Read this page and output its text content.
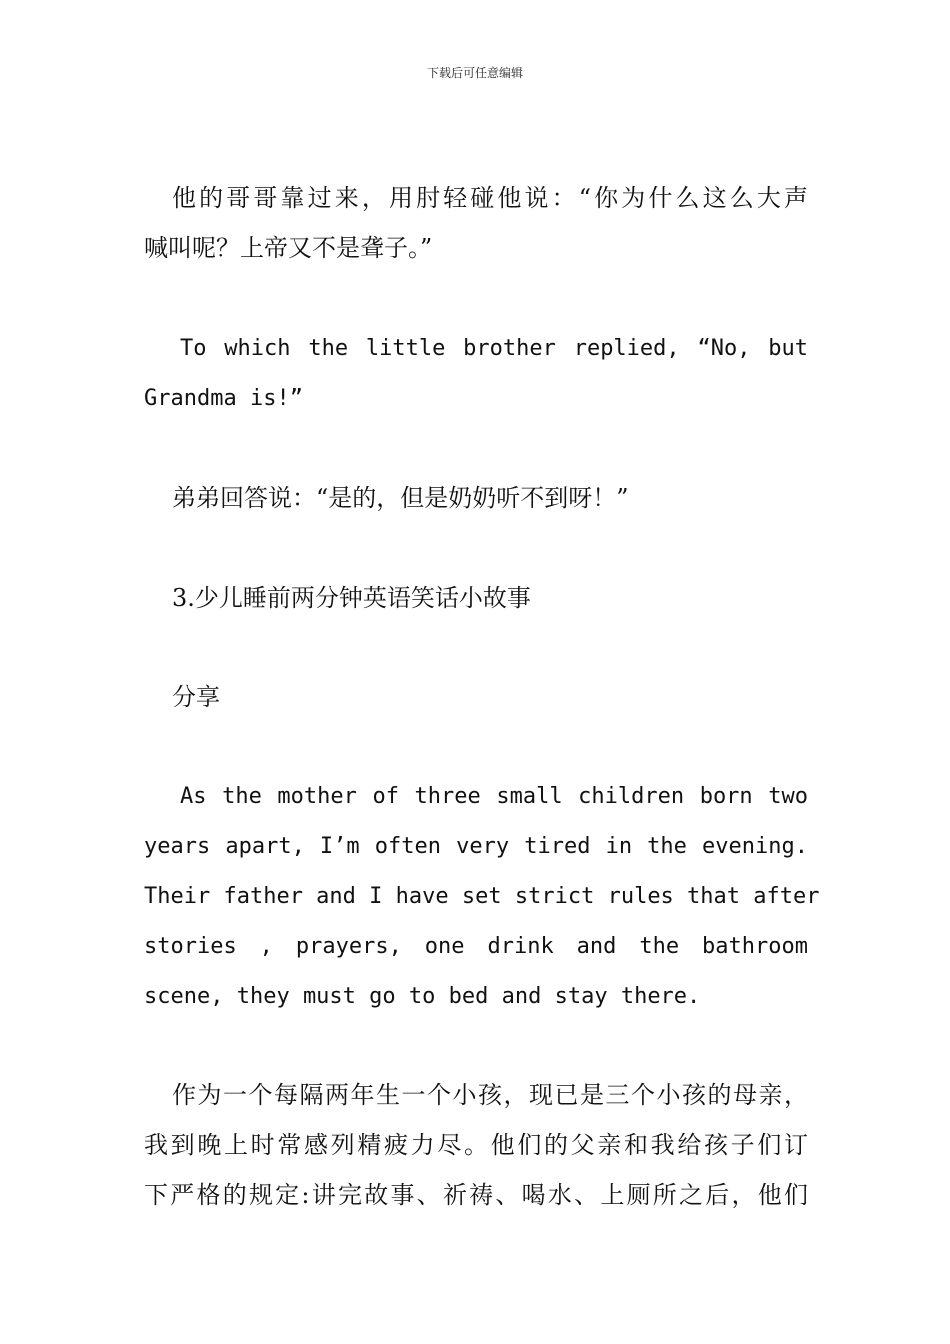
下载后可任意编辑
他的哥哥靠过来，用肘轻碰他说：“你为什么这么大声
喊叫呢？上帝又不是聋子。”
To which the little brother replied, “No, but
Grandma is!”
弟弟回答说：“是的，但是奶奶听不到呀！”
3.少儿睡前两分钟英语笑话小故事
分享
As the mother of three small children born two
years apart, I’m often very tired in the evening.
Their father and I have set strict rules that after
stories , prayers, one drink and the bathroom
scene, they must go to bed and stay there.
作为一个每隔两年生一个小孩，现已是三个小孩的母亲，
我到晚上时常感列精疲力尽。他们的父亲和我给孩子们订
下严格的规定:讲完故事、祈祷、喝水、上厕所之后，他们
